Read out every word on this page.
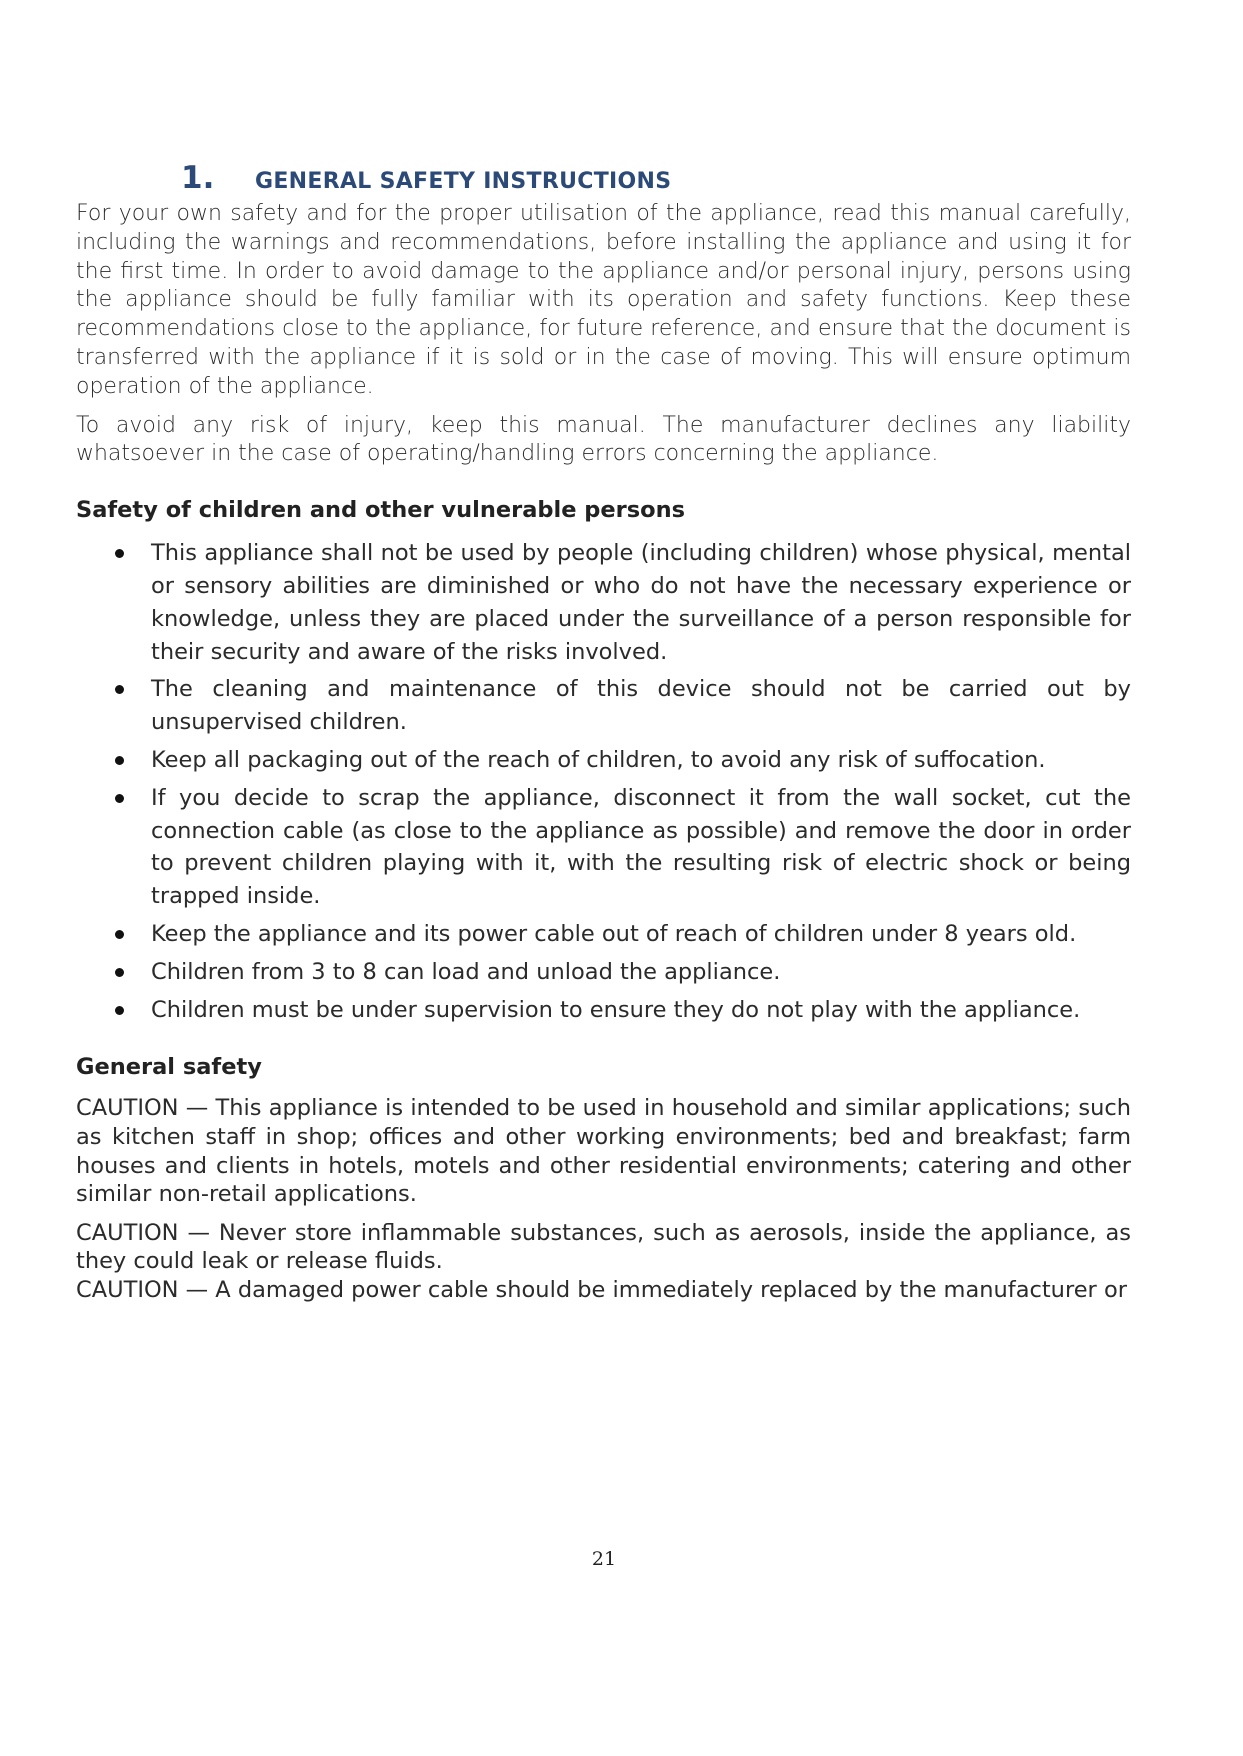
1.	GENERAL SAFETY INSTRUCTIONS

For your own safety and for the proper utilisation of the appliance, read this manual carefully, including the warnings and recommendations, before installing the appliance and using it for the first time. In order to avoid damage to the appliance and/or personal injury, persons using the appliance should be fully familiar with its operation and safety functions. Keep these recommendations close to the appliance, for future reference, and ensure that the document is transferred with the appliance if it is sold or in the case of moving. This will ensure optimum operation of the appliance.

To avoid any risk of injury, keep this manual. The manufacturer declines any liability whatsoever in the case of operating/handling errors concerning the appliance.

Safety of children and other vulnerable persons
This appliance shall not be used by people (including children) whose physical, mental or sensory abilities are diminished or who do not have the necessary experience or knowledge, unless they are placed under the surveillance of a person responsible for their security and aware of the risks involved.
The cleaning and maintenance of this device should not be carried out by unsupervised children.
Keep all packaging out of the reach of children, to avoid any risk of suffocation.
If you decide to scrap the appliance, disconnect it from the wall socket, cut the connection cable (as close to the appliance as possible) and remove the door in order to prevent children playing with it, with the resulting risk of electric shock or being trapped inside.
Keep the appliance and its power cable out of reach of children under 8 years old.
Children from 3 to 8 can load and unload the appliance.
Children must be under supervision to ensure they do not play with the appliance.
General safety

CAUTION — This appliance is intended to be used in household and similar applications; such as kitchen staff in shop; offices and other working environments; bed and breakfast; farm houses and clients in hotels, motels and other residential environments; catering and other similar non-retail applications.

CAUTION — Never store inflammable substances, such as aerosols, inside the appliance, as they could leak or release fluids.

CAUTION — A damaged power cable should be immediately replaced by the manufacturer or

21
